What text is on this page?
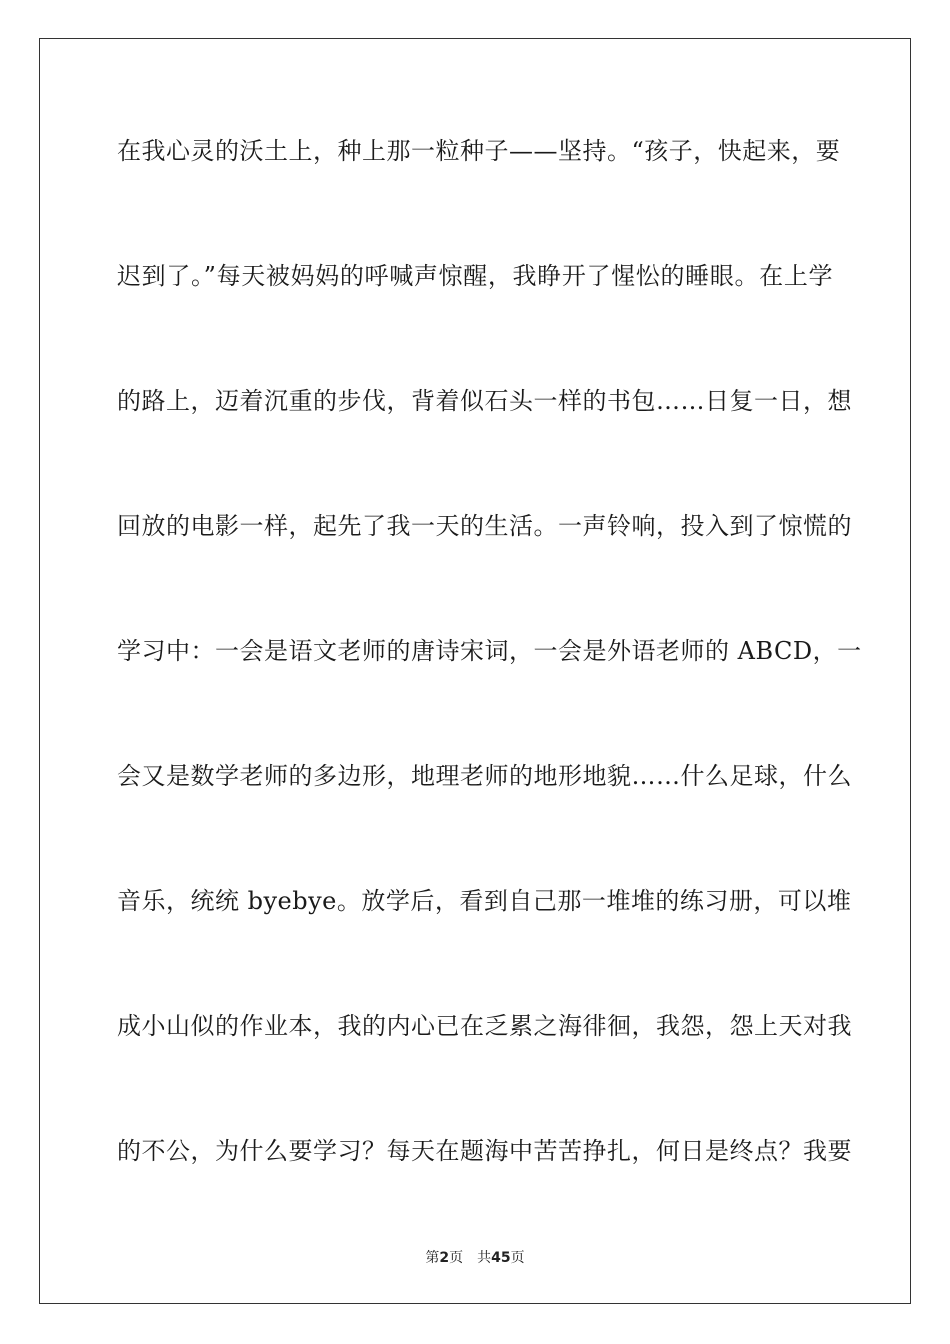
在我心灵的沃土上，种上那一粒种子——坚持。“孩子，快起来，要
迟到了。”每天被妈妈的呼喊声惊醒，我睁开了惺忪的睡眼。在上学
的路上，迈着沉重的步伐，背着似石头一样的书包……日复一日，想
回放的电影一样，起先了我一天的生活。一声铃响，投入到了惊慌的
学习中：一会是语文老师的唐诗宋词，一会是外语老师的 ABCD，一
会又是数学老师的多边形，地理老师的地形地貌……什么足球，什么
音乐，统统 byebye。放学后，看到自己那一堆堆的练习册，可以堆
成小山似的作业本，我的内心已在乏累之海徘徊，我怨，怨上天对我
的不公，为什么要学习？每天在题海中苦苦挣扎，何日是终点？我要
第2页 共45页
